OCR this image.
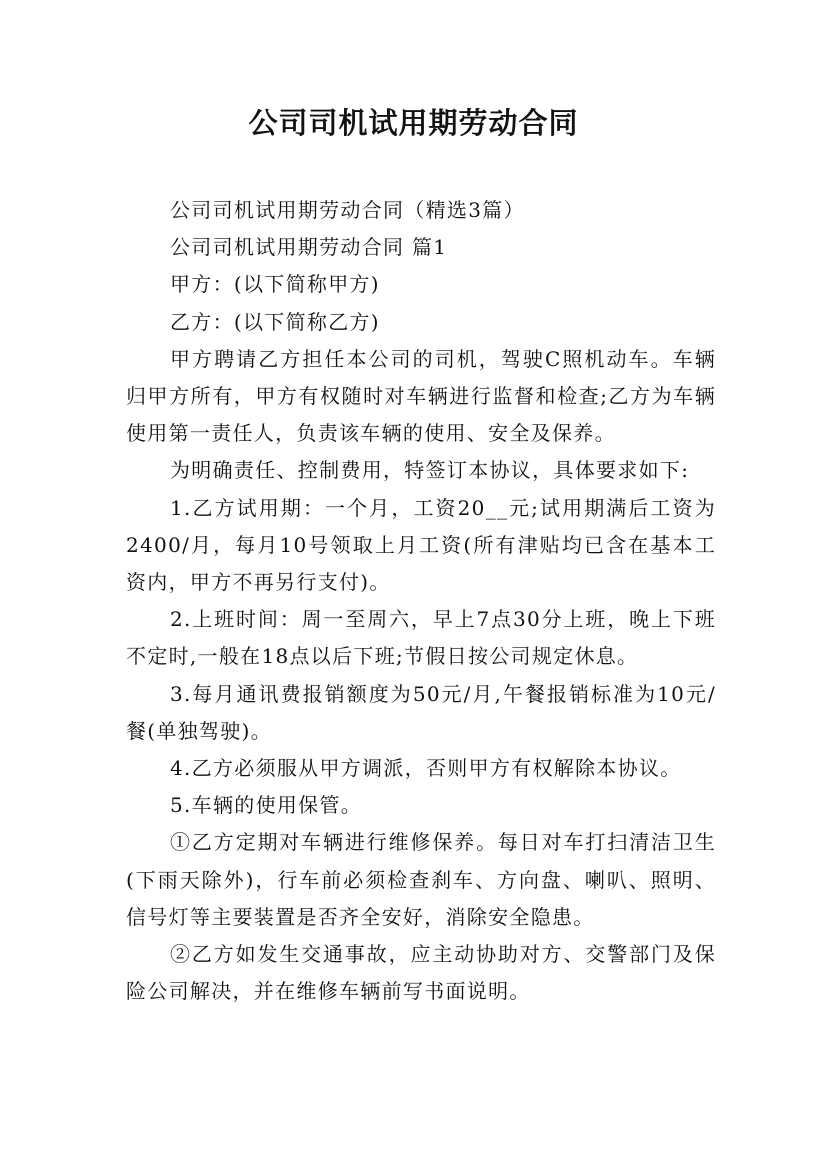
公司司机试用期劳动合同

公司司机试用期劳动合同（精选3篇）

公司司机试用期劳动合同 篇1

甲方：(以下简称甲方)

乙方：(以下简称乙方)

甲方聘请乙方担任本公司的司机，驾驶C照机动车。车辆归甲方所有，甲方有权随时对车辆进行监督和检查;乙方为车辆使用第一责任人，负责该车辆的使用、安全及保养。

为明确责任、控制费用，特签订本协议，具体要求如下:

1.乙方试用期：一个月，工资20__元;试用期满后工资为2400/月，每月10号领取上月工资(所有津贴均已含在基本工资内，甲方不再另行支付)。

2.上班时间：周一至周六，早上7点30分上班，晚上下班不定时,一般在18点以后下班;节假日按公司规定休息。

3.每月通讯费报销额度为50元/月,午餐报销标准为10元/餐(单独驾驶)。

4.乙方必须服从甲方调派，否则甲方有权解除本协议。

5.车辆的使用保管。

①乙方定期对车辆进行维修保养。每日对车打扫清洁卫生(下雨天除外)，行车前必须检查刹车、方向盘、喇叭、照明、信号灯等主要装置是否齐全安好，消除安全隐患。

②乙方如发生交通事故，应主动协助对方、交警部门及保险公司解决，并在维修车辆前写书面说明。
